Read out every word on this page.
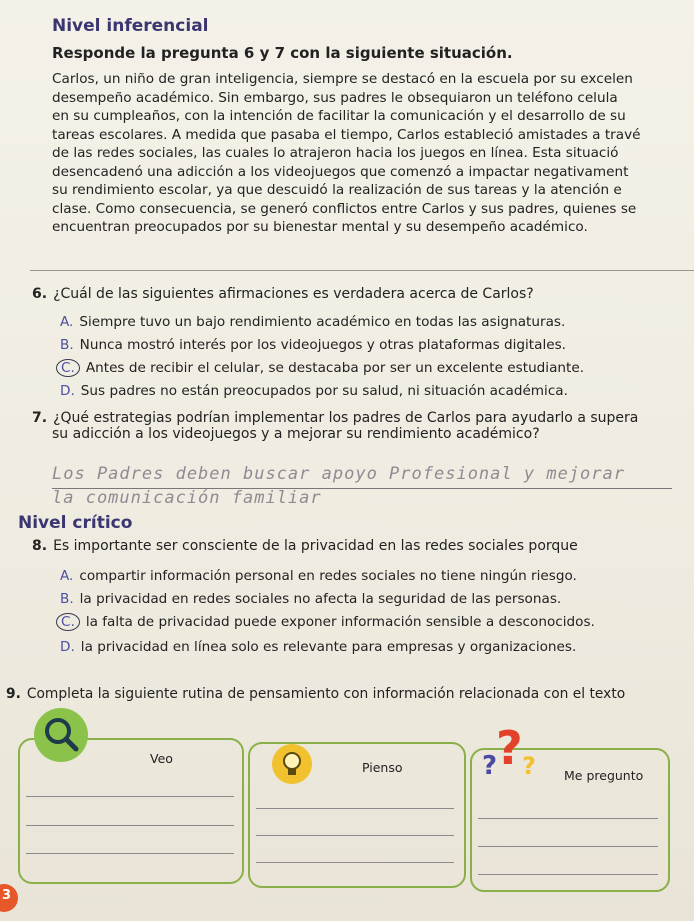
Nivel inferencial
Responde la pregunta 6 y 7 con la siguiente situación.
Carlos, un niño de gran inteligencia, siempre se destacó en la escuela por su excelen
desempeño académico. Sin embargo, sus padres le obsequiaron un teléfono celula
en su cumpleaños, con la intención de facilitar la comunicación y el desarrollo de su
tareas escolares. A medida que pasaba el tiempo, Carlos estableció amistades a travé
de las redes sociales, las cuales lo atrajeron hacia los juegos en línea. Esta situació
desencadenó una adicción a los videojuegos que comenzó a impactar negativament
su rendimiento escolar, ya que descuidó la realización de sus tareas y la atención e
clase. Como consecuencia, se generó conflictos entre Carlos y sus padres, quienes se
encuentran preocupados por su bienestar mental y su desempeño académico.
6. ¿Cuál de las siguientes afirmaciones es verdadera acerca de Carlos?
A. Siempre tuvo un bajo rendimiento académico en todas las asignaturas.
B. Nunca mostró interés por los videojuegos y otras plataformas digitales.
C. Antes de recibir el celular, se destacaba por ser un excelente estudiante.
D. Sus padres no están preocupados por su salud, ni situación académica.
7. ¿Qué estrategias podrían implementar los padres de Carlos para ayudarlo a supera
su adicción a los videojuegos y a mejorar su rendimiento académico?
Los Padres deben buscar apoyo Profesional y mejorar
la comunicación familiar
Nivel crítico
8. Es importante ser consciente de la privacidad en las redes sociales porque
A. compartir información personal en redes sociales no tiene ningún riesgo.
B. la privacidad en redes sociales no afecta la seguridad de las personas.
C. la falta de privacidad puede exponer información sensible a desconocidos.
D. la privacidad en línea solo es relevante para empresas y organizaciones.
9. Completa la siguiente rutina de pensamiento con información relacionada con el texto
Veo
Pienso	?
? ? Me pregunto
3
